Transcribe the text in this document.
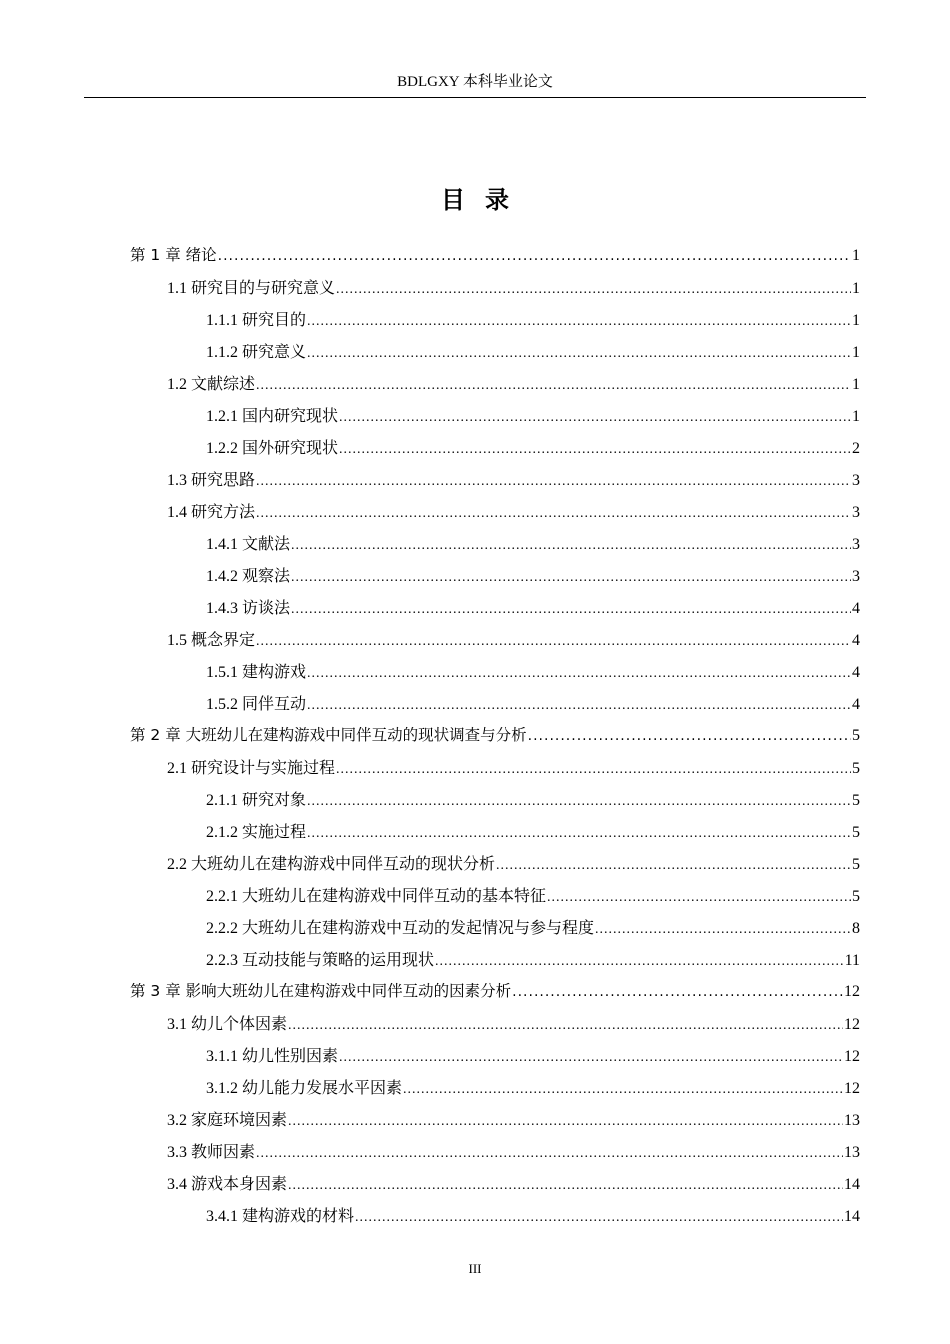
BDLGXY 本科毕业论文
目录
第 1 章 绪论 .....	1
1.1 研究目的与研究意义 .....	1
1.1.1 研究目的 .....	1
1.1.2 研究意义 .....	1
1.2 文献综述 .....	1
1.2.1 国内研究现状 .....	1
1.2.2 国外研究现状 .....	2
1.3 研究思路 .....	3
1.4 研究方法 .....	3
1.4.1 文献法 .....	3
1.4.2 观察法 .....	3
1.4.3 访谈法 .....	4
1.5 概念界定 .....	4
1.5.1 建构游戏 .....	4
1.5.2 同伴互动 .....	4
第 2 章 大班幼儿在建构游戏中同伴互动的现状调查与分析 .....	5
2.1 研究设计与实施过程 .....	5
2.1.1 研究对象 .....	5
2.1.2 实施过程 .....	5
2.2 大班幼儿在建构游戏中同伴互动的现状分析 .....	5
2.2.1 大班幼儿在建构游戏中同伴互动的基本特征 .....	5
2.2.2 大班幼儿在建构游戏中互动的发起情况与参与程度 .....	8
2.2.3 互动技能与策略的运用现状 .....	11
第 3 章 影响大班幼儿在建构游戏中同伴互动的因素分析 .....	12
3.1 幼儿个体因素 .....	12
3.1.1 幼儿性别因素 .....	12
3.1.2 幼儿能力发展水平因素 .....	12
3.2 家庭环境因素 .....	13
3.3 教师因素 .....	13
3.4 游戏本身因素 .....	14
3.4.1 建构游戏的材料 .....	14
III
